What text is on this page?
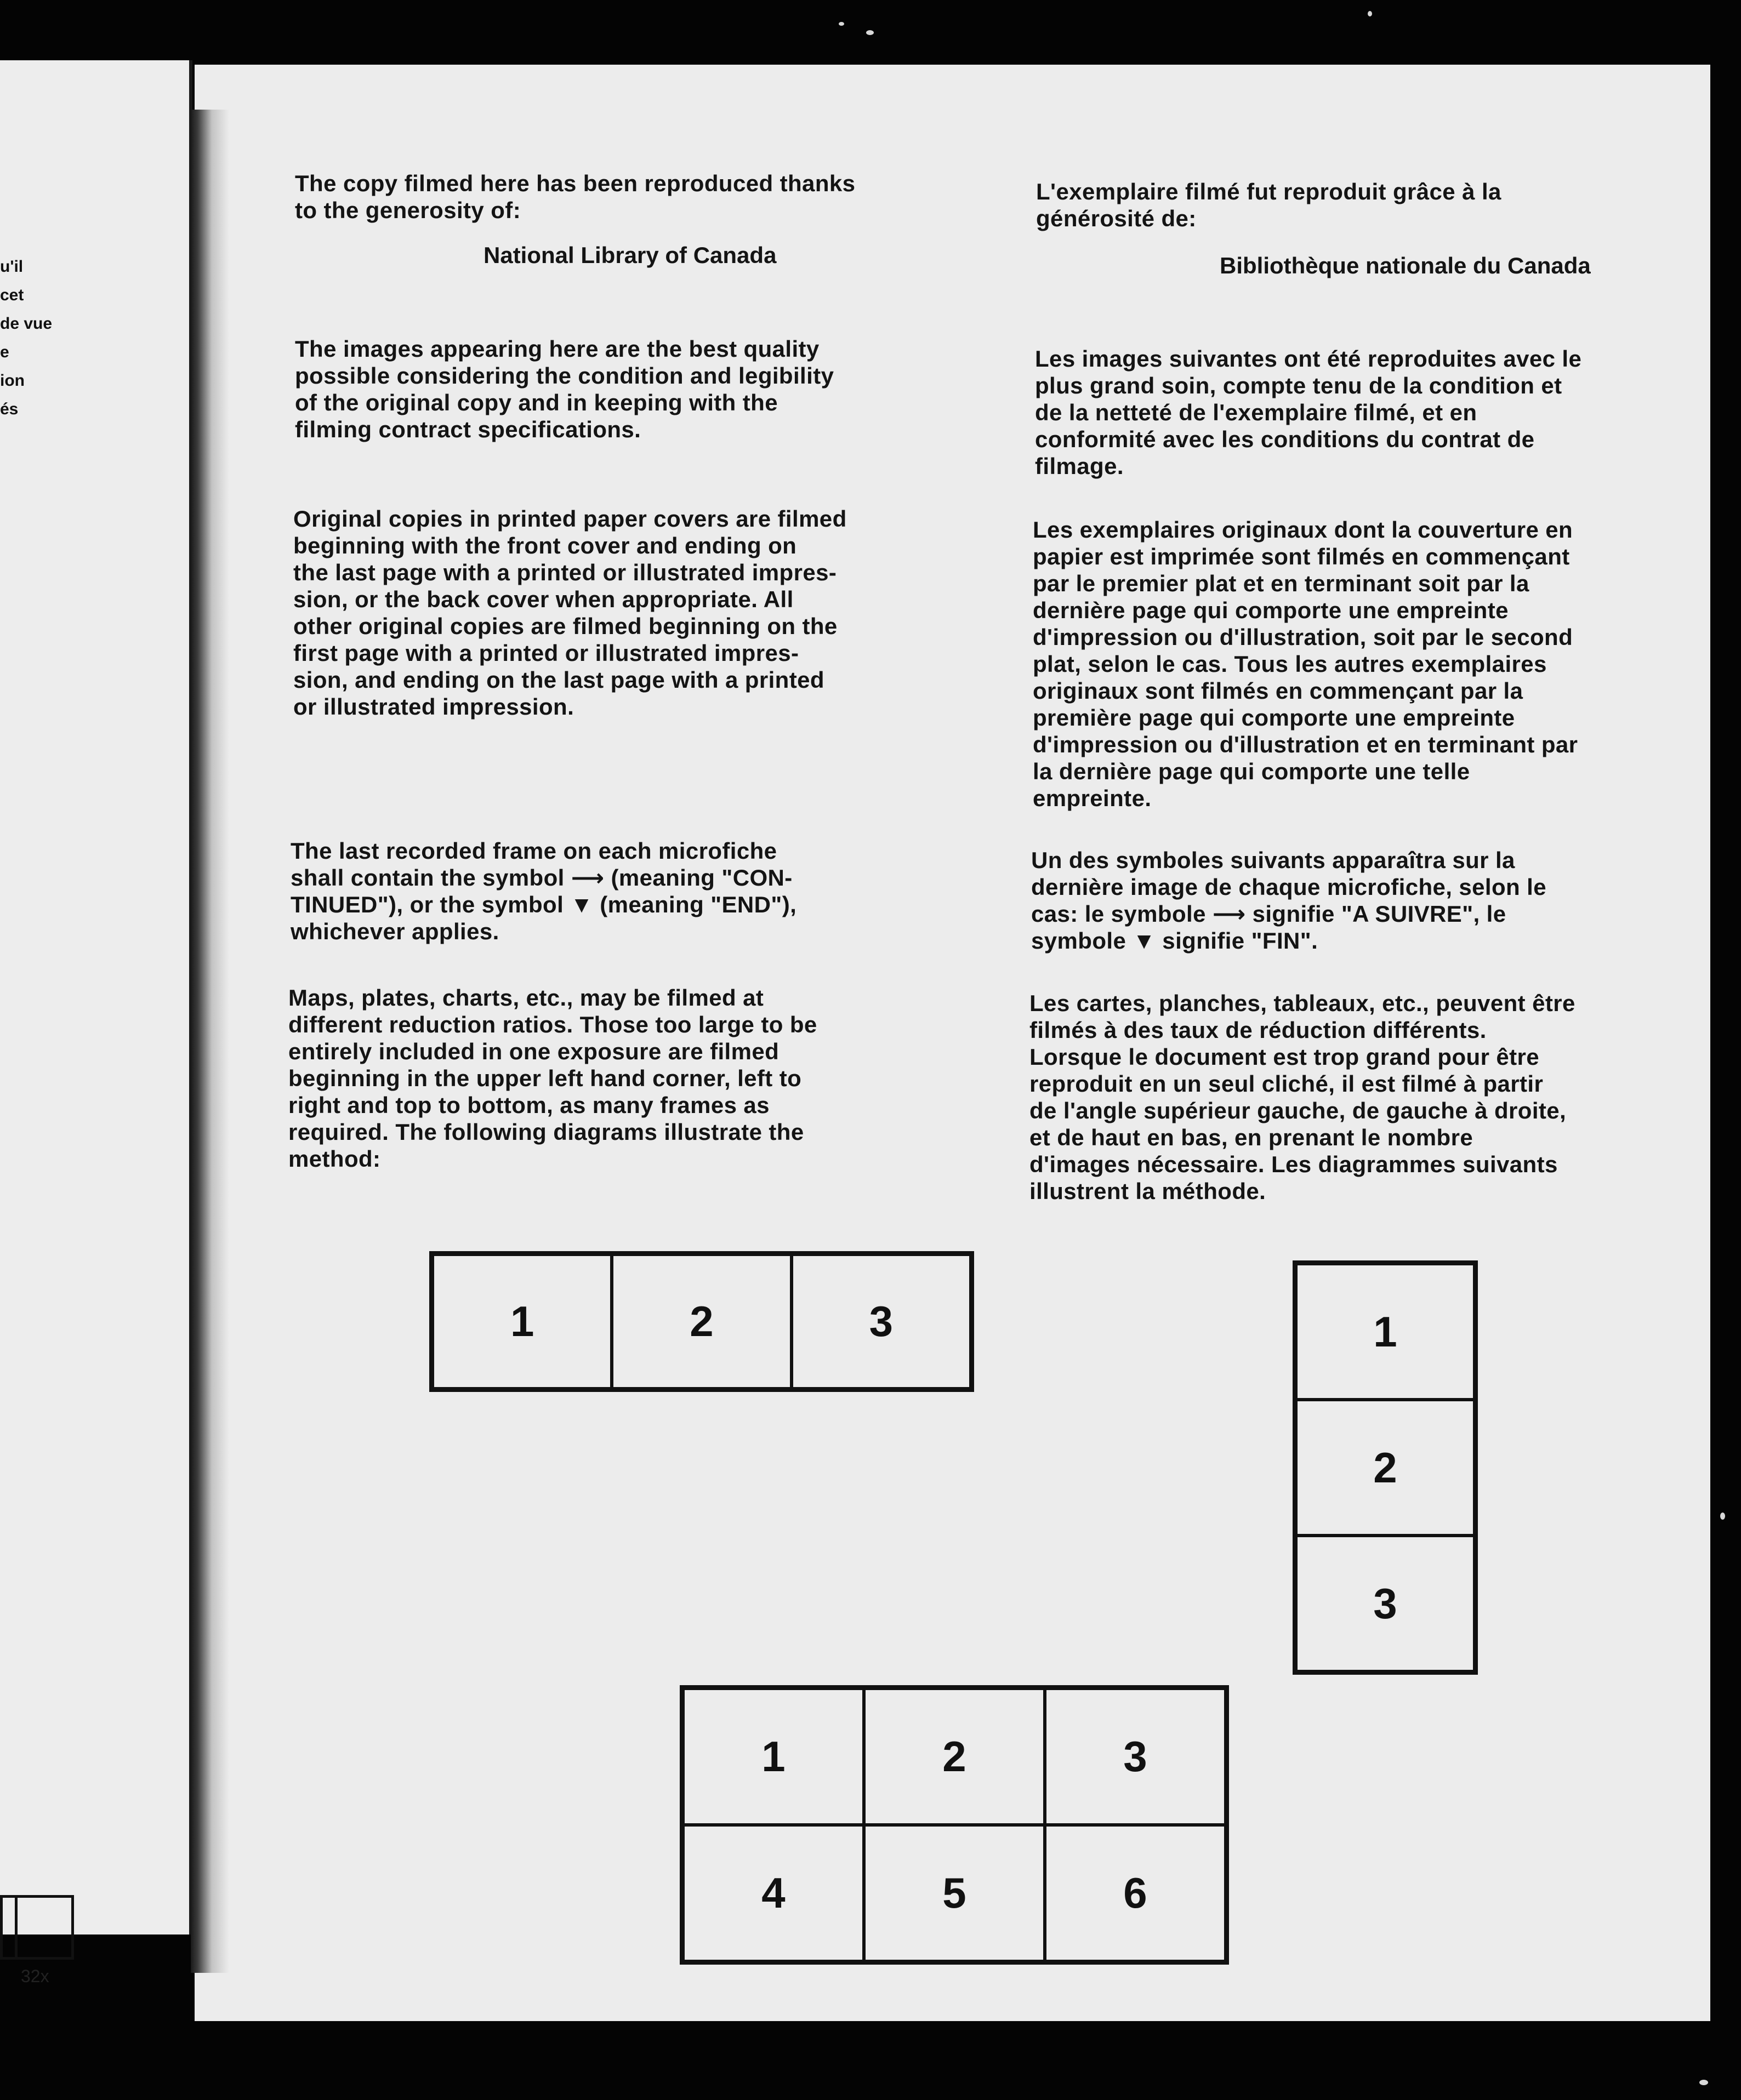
u'il
cet
de vue
e
ion
és
32x
The copy filmed here has been reproduced thanks
to the generosity of:
National Library of Canada
The images appearing here are the best quality
possible considering the condition and legibility
of the original copy and in keeping with the
filming contract specifications.
Original copies in printed paper covers are filmed
beginning with the front cover and ending on
the last page with a printed or illustrated impres-
sion, or the back cover when appropriate. All
other original copies are filmed beginning on the
first page with a printed or illustrated impres-
sion, and ending on the last page with a printed
or illustrated impression.
The last recorded frame on each microfiche
shall contain the symbol ⟶ (meaning "CON-
TINUED"), or the symbol ▼ (meaning "END"),
whichever applies.
Maps, plates, charts, etc., may be filmed at
different reduction ratios. Those too large to be
entirely included in one exposure are filmed
beginning in the upper left hand corner, left to
right and top to bottom, as many frames as
required. The following diagrams illustrate the
method:
L'exemplaire filmé fut reproduit grâce à la
générosité de:
Bibliothèque nationale du Canada
Les images suivantes ont été reproduites avec le
plus grand soin, compte tenu de la condition et
de la netteté de l'exemplaire filmé, et en
conformité avec les conditions du contrat de
filmage.
Les exemplaires originaux dont la couverture en
papier est imprimée sont filmés en commençant
par le premier plat et en terminant soit par la
dernière page qui comporte une empreinte
d'impression ou d'illustration, soit par le second
plat, selon le cas. Tous les autres exemplaires
originaux sont filmés en commençant par la
première page qui comporte une empreinte
d'impression ou d'illustration et en terminant par
la dernière page qui comporte une telle
empreinte.
Un des symboles suivants apparaîtra sur la
dernière image de chaque microfiche, selon le
cas: le symbole ⟶ signifie "A SUIVRE", le
symbole ▼ signifie "FIN".
Les cartes, planches, tableaux, etc., peuvent être
filmés à des taux de réduction différents.
Lorsque le document est trop grand pour être
reproduit en un seul cliché, il est filmé à partir
de l'angle supérieur gauche, de gauche à droite,
et de haut en bas, en prenant le nombre
d'images nécessaire. Les diagrammes suivants
illustrent la méthode.
1	2	3	1
2
3
1	2	3
4	5	6
